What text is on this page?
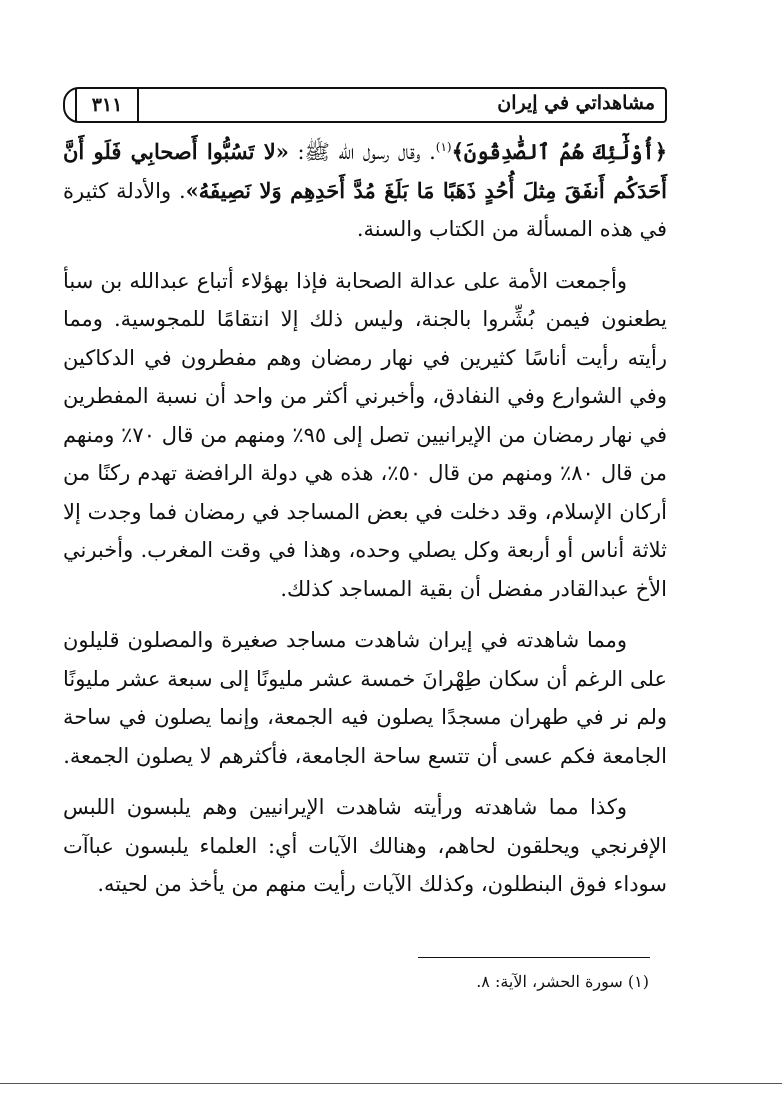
مشاهداتي في إيران
٣١١

﴿أُوْلَٰٓئِكَ هُمُ ٱلصَّٰدِقُونَ﴾$^{(١)}$. وقال رسول الله ﷺ: «لا تَسُبُّوا أَصحابِي فَلَو أَنَّ أَحَدَكُم أَنفَقَ مِثلَ أُحُدٍ ذَهَبًا مَا بَلَغَ مُدَّ أَحَدِهِم وَلا نَصِيفَهُ». والأدلة كثيرة في هذه المسألة من الكتاب والسنة.

وأجمعت الأمة على عدالة الصحابة فإذا بهؤلاء أتباع عبدالله بن سبأ يطعنون فيمن بُشِّروا بالجنة، وليس ذلك إلا انتقامًا للمجوسية. ومما رأيته رأيت أناسًا كثيرين في نهار رمضان وهم مفطرون في الدكاكين وفي الشوارع وفي النفادق، وأخبرني أكثر من واحد أن نسبة المفطرين في نهار رمضان من الإيرانيين تصل إلى ٩٥٪ ومنهم من قال ٧٠٪ ومنهم من قال ٨٠٪ ومنهم من قال ٥٠٪، هذه هي دولة الرافضة تهدم ركنًا من أركان الإسلام، وقد دخلت في بعض المساجد في رمضان فما وجدت إلا ثلاثة أناس أو أربعة وكل يصلي وحده، وهذا في وقت المغرب. وأخبرني الأخ عبدالقادر مفضل أن بقية المساجد كذلك.

ومما شاهدته في إيران شاهدت مساجد صغيرة والمصلون قليلون على الرغم أن سكان طِهْرانَ خمسة عشر مليونًا إلى سبعة عشر مليونًا ولم نر في طهران مسجدًا يصلون فيه الجمعة، وإنما يصلون في ساحة الجامعة فكم عسى أن تتسع ساحة الجامعة، فأكثرهم لا يصلون الجمعة.

وكذا مما شاهدته ورأيته شاهدت الإيرانيين وهم يلبسون اللبس الإفرنجي ويحلقون لحاهم، وهنالك الآيات أي: العلماء يلبسون عباآت سوداء فوق البنطلون، وكذلك الآيات رأيت منهم من يأخذ من لحيته.

(١) سورة الحشر، الآية: ٨.
